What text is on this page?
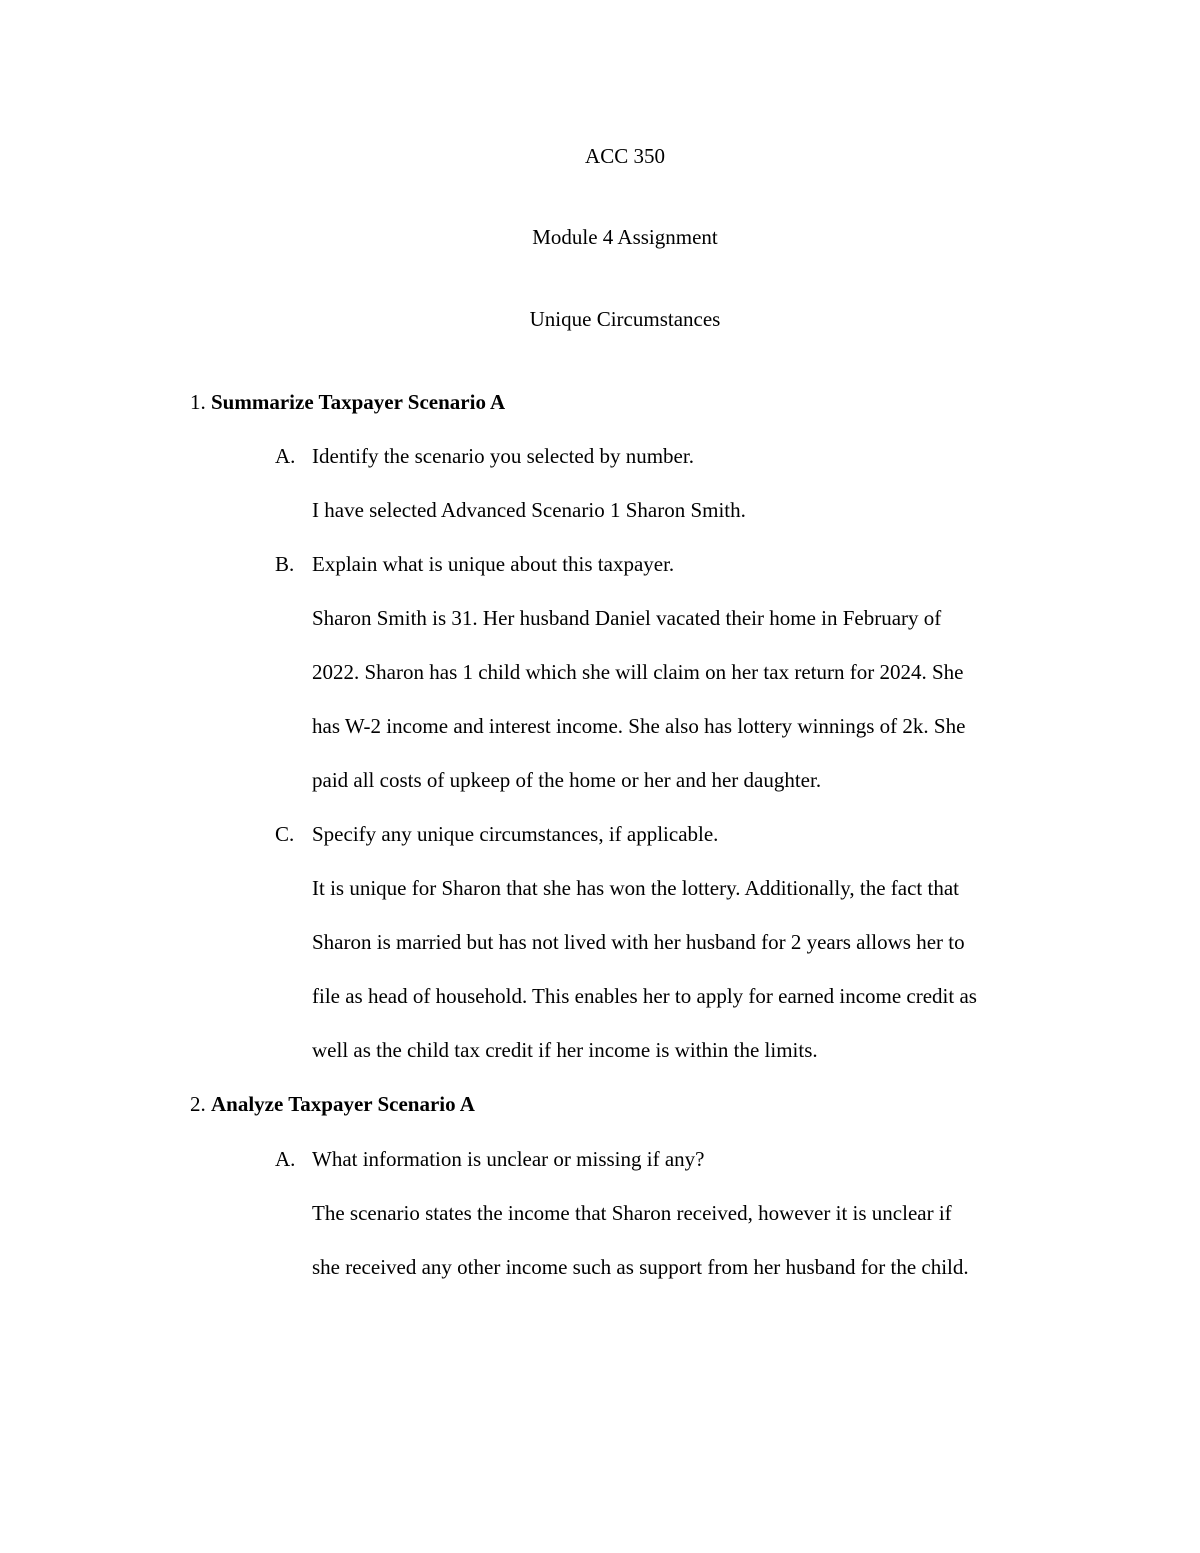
ACC 350
Module 4 Assignment
Unique Circumstances
1. Summarize Taxpayer Scenario A
A. Identify the scenario you selected by number.
I have selected Advanced Scenario 1 Sharon Smith.
B. Explain what is unique about this taxpayer.
Sharon Smith is 31. Her husband Daniel vacated their home in February of
2022. Sharon has 1 child which she will claim on her tax return for 2024. She
has W-2 income and interest income. She also has lottery winnings of 2k. She
paid all costs of upkeep of the home or her and her daughter.
C. Specify any unique circumstances, if applicable.
It is unique for Sharon that she has won the lottery. Additionally, the fact that
Sharon is married but has not lived with her husband for 2 years allows her to
file as head of household. This enables her to apply for earned income credit as
well as the child tax credit if her income is within the limits.
2. Analyze Taxpayer Scenario A
A. What information is unclear or missing if any?
The scenario states the income that Sharon received, however it is unclear if
she received any other income such as support from her husband for the child.
